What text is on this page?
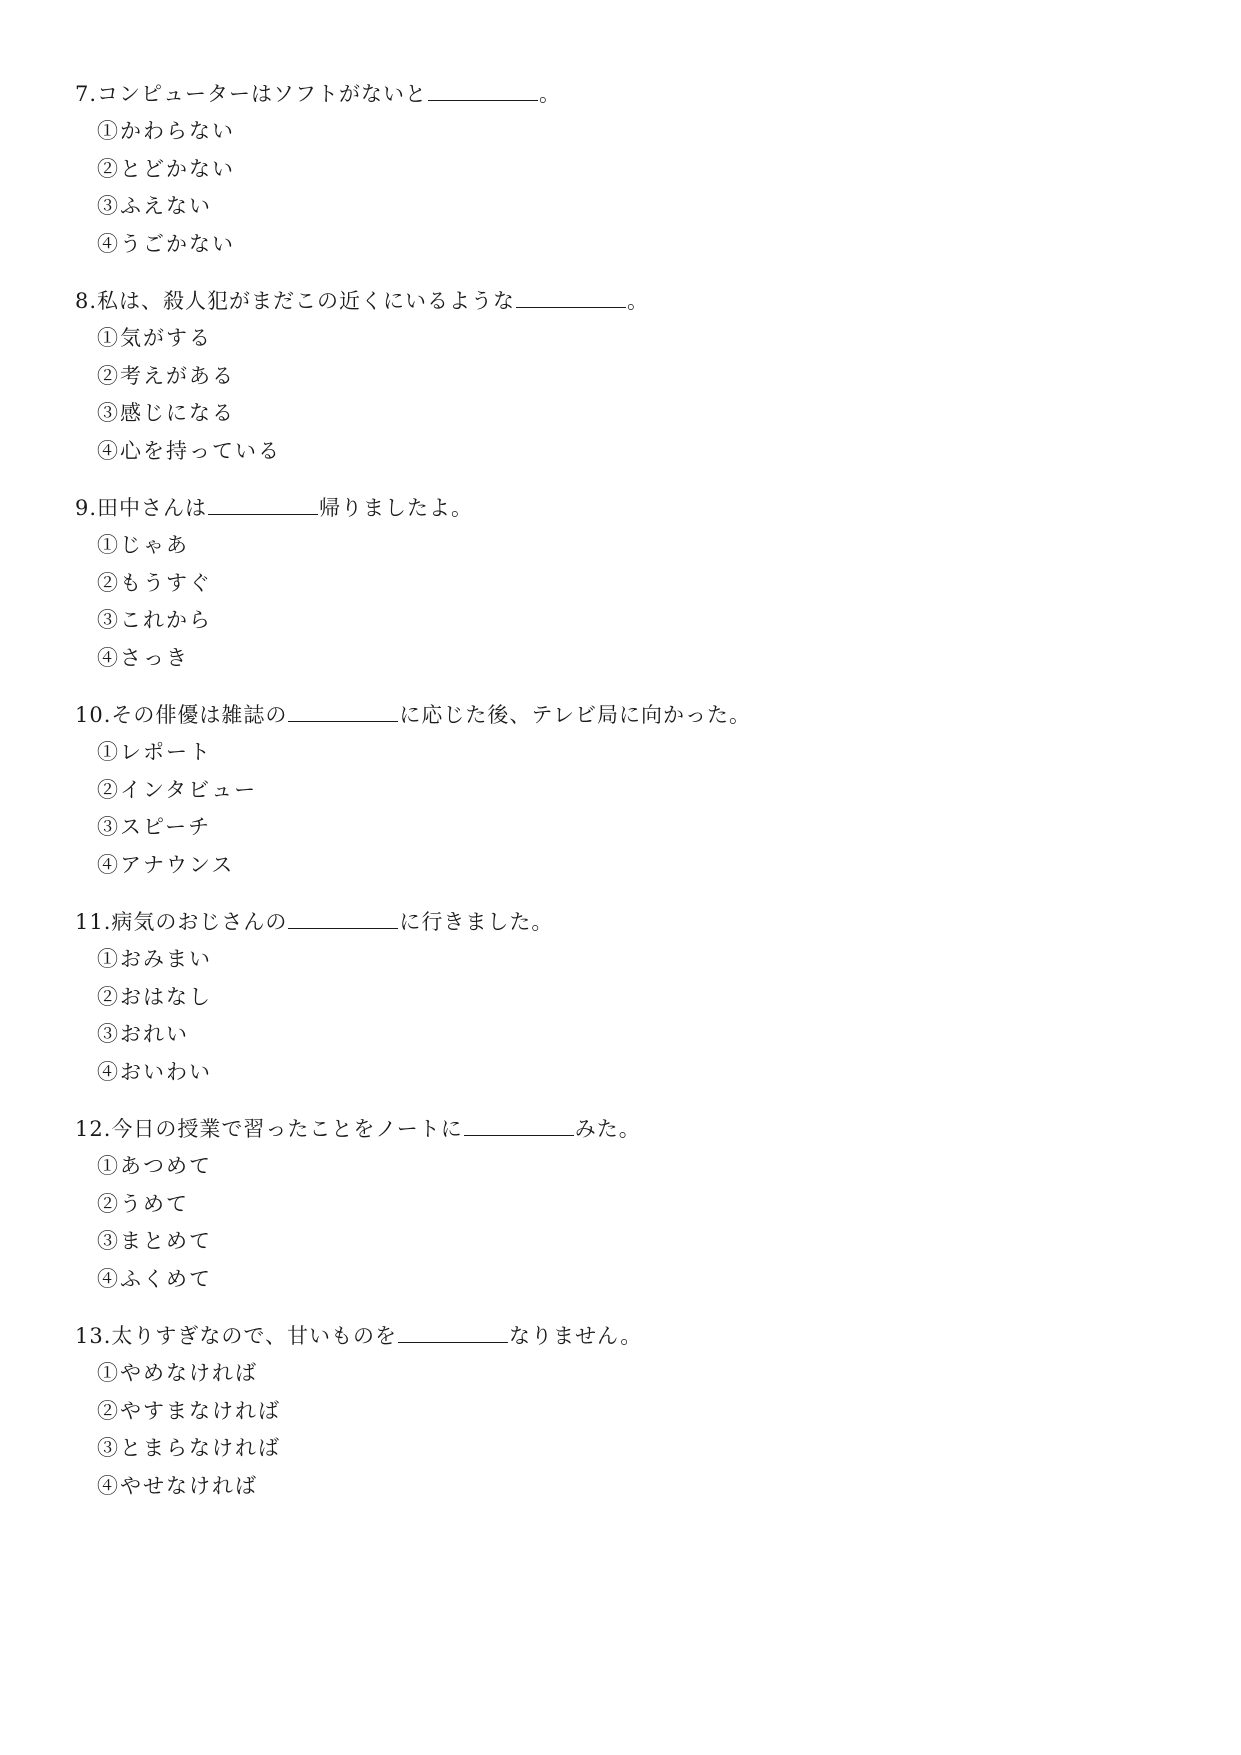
7.コンピューターはソフトがないと	。
①かわらない
②とどかない
③ふえない
④うごかない
8.私は、殺人犯がまだこの近くにいるような	。
①気がする
②考えがある
③感じになる
④心を持っている
9.田中さんは	帰りましたよ。
①じゃあ
②もうすぐ
③これから
④さっき
10.その俳優は雑誌の	に応じた後、テレビ局に向かった。
①レポート
②インタビュー
③スピーチ
④アナウンス
11.病気のおじさんの	に行きました。
①おみまい
②おはなし
③おれい
④おいわい
12.今日の授業で習ったことをノートに	みた。
①あつめて
②うめて
③まとめて
④ふくめて
13.太りすぎなので、甘いものを	なりません。
①やめなければ
②やすまなければ
③とまらなければ
④やせなければ
